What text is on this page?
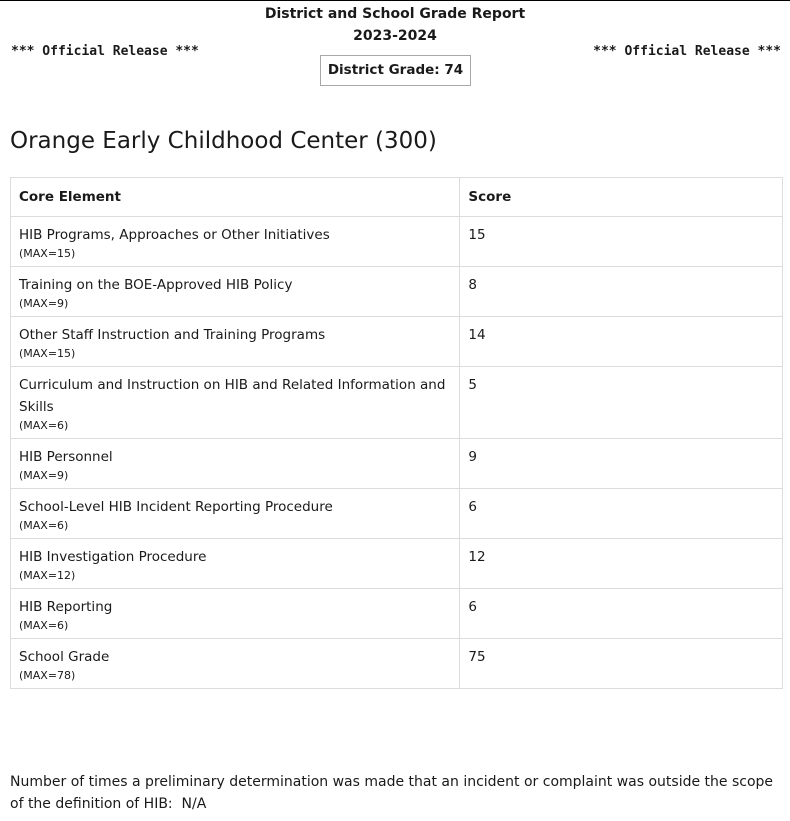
District and School Grade Report
2023-2024
*** Official Release ***	*** Official Release ***
District Grade: 74
Orange Early Childhood Center (300)
Core Element	Score

HIB Programs, Approaches or Other Initiatives
(MAX=15)	15

Training on the BOE-Approved HIB Policy
(MAX=9)	8

Other Staff Instruction and Training Programs
(MAX=15)	14

Curriculum and Instruction on HIB and Related Information and Skills
(MAX=6)	5

HIB Personnel
(MAX=9)	9

School-Level HIB Incident Reporting Procedure
(MAX=6)	6

HIB Investigation Procedure
(MAX=12)	12

HIB Reporting
(MAX=6)	6

School Grade
(MAX=78)	75
Number of times a preliminary determination was made that an incident or complaint was outside the scope of the definition of HIB: N/A
